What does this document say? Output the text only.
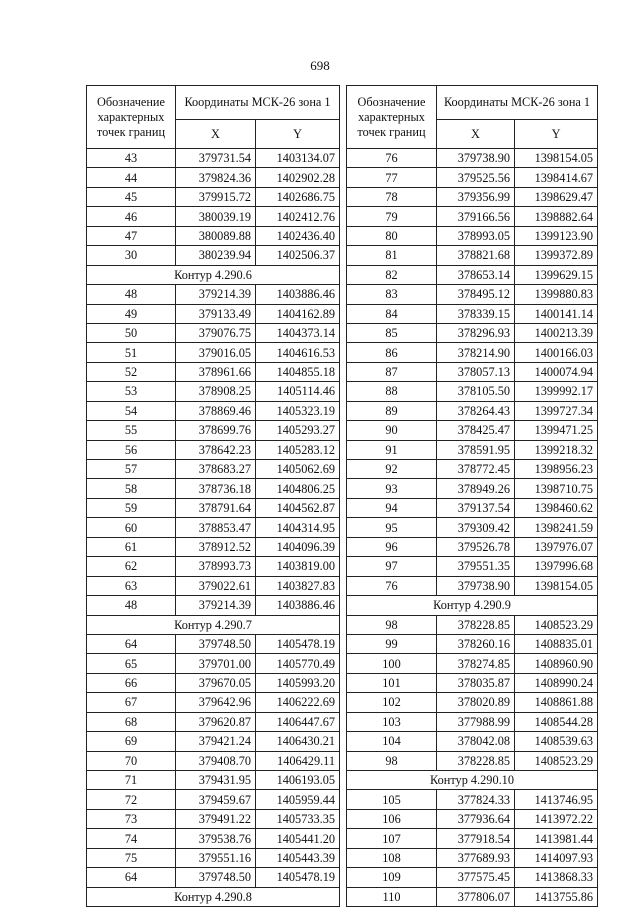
698
Обозначение характерных точек границ	Координаты МСК-26 зона 1	
	X	Y
43	379731.54	1403134.07
44	379824.36	1402902.28
45	379915.72	1402686.75
46	380039.19	1402412.76
47	380089.88	1402436.40
30	380239.94	1402506.37
Контур 4.290.6		
48	379214.39	1403886.46
49	379133.49	1404162.89
50	379076.75	1404373.14
51	379016.05	1404616.53
52	378961.66	1404855.18
53	378908.25	1405114.46
54	378869.46	1405323.19
55	378699.76	1405293.27
56	378642.23	1405283.12
57	378683.27	1405062.69
58	378736.18	1404806.25
59	378791.64	1404562.87
60	378853.47	1404314.95
61	378912.52	1404096.39
62	378993.73	1403819.00
63	379022.61	1403827.83
48	379214.39	1403886.46
Контур 4.290.7		
64	379748.50	1405478.19
65	379701.00	1405770.49
66	379670.05	1405993.20
67	379642.96	1406222.69
68	379620.87	1406447.67
69	379421.24	1406430.21
70	379408.70	1406429.11
71	379431.95	1406193.05
72	379459.67	1405959.44
73	379491.22	1405733.35
74	379538.76	1405441.20
75	379551.16	1405443.39
64	379748.50	1405478.19
Контур 4.290.8		
Обозначение характерных точек границ	Координаты МСК-26 зона 1	
	X	Y
76	379738.90	1398154.05
77	379525.56	1398414.67
78	379356.99	1398629.47
79	379166.56	1398882.64
80	378993.05	1399123.90
81	378821.68	1399372.89
82	378653.14	1399629.15
83	378495.12	1399880.83
84	378339.15	1400141.14
85	378296.93	1400213.39
86	378214.90	1400166.03
87	378057.13	1400074.94
88	378105.50	1399992.17
89	378264.43	1399727.34
90	378425.47	1399471.25
91	378591.95	1399218.32
92	378772.45	1398956.23
93	378949.26	1398710.75
94	379137.54	1398460.62
95	379309.42	1398241.59
96	379526.78	1397976.07
97	379551.35	1397996.68
76	379738.90	1398154.05
Контур 4.290.9		
98	378228.85	1408523.29
99	378260.16	1408835.01
100	378274.85	1408960.90
101	378035.87	1408990.24
102	378020.89	1408861.88
103	377988.99	1408544.28
104	378042.08	1408539.63
98	378228.85	1408523.29
Контур 4.290.10		
105	377824.33	1413746.95
106	377936.64	1413972.22
107	377918.54	1413981.44
108	377689.93	1414097.93
109	377575.45	1413868.33
110	377806.07	1413755.86
